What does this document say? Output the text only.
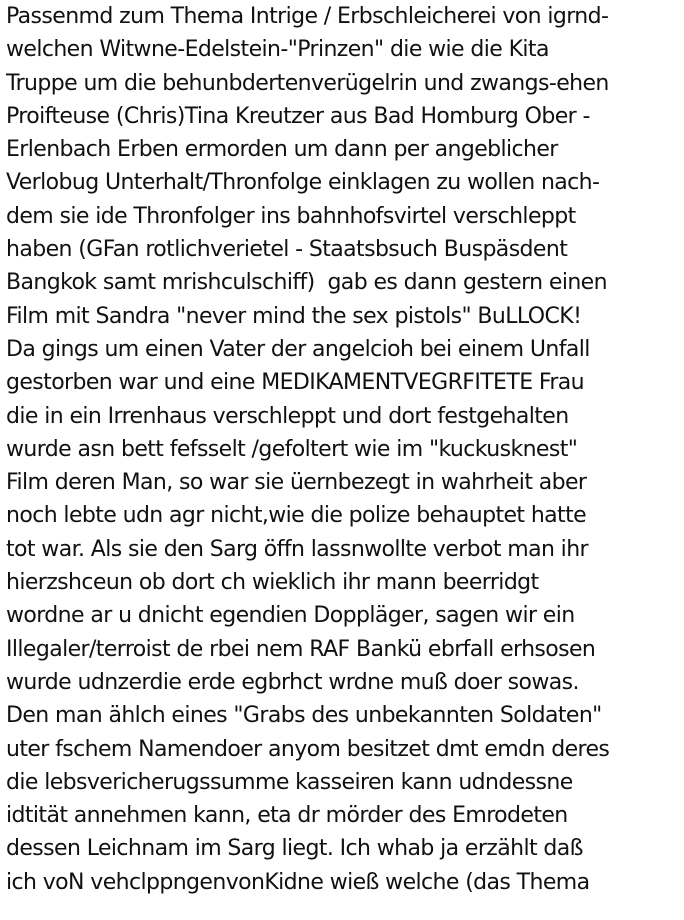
Passenmd zum Thema Intrige / Erbschleicherei von igrnd-
welchen Witwne-Edelstein-"Prinzen" die wie die Kita
Truppe um die behunbdertenverügelrin und zwangs-ehen
Proifteuse (Chris)Tina Kreutzer aus Bad Homburg Ober -
Erlenbach Erben ermorden um dann per angeblicher
Verlobug Unterhalt/Thronfolge einklagen zu wollen nach-
dem sie ide Thronfolger ins bahnhofsvirtel verschleppt
haben (GFan rotlichverietel - Staatsbsuch Buspäsdent
Bangkok samt mrishculschiff)  gab es dann gestern einen
Film mit Sandra "never mind the sex pistols" BuLLOCK!
Da gings um einen Vater der angelcioh bei einem Unfall
gestorben war und eine MEDIKAMENTVEGRFITETE Frau
die in ein Irrenhaus verschleppt und dort festgehalten
wurde asn bett fefsselt /gefoltert wie im "kuckusknest"
Film deren Man, so war sie üernbezegt in wahrheit aber
noch lebte udn agr nicht,wie die polize behauptet hatte
tot war. Als sie den Sarg öffn lassnwollte verbot man ihr
hierzshceun ob dort ch wieklich ihr mann beerridgt
wordne ar u dnicht egendien Doppläger, sagen wir ein
Illegaler/terroist de rbei nem RAF Bankü ebrfall erhsosen
wurde udnzerdie erde egbrhct wrdne muß doer sowas.
Den man ählch eines "Grabs des unbekannten Soldaten"
uter fschem Namendoer anyom besitzet dmt emdn deres
die lebsvericherugssumme kasseiren kann udndessne
idtität annehmen kann, eta dr mörder des Emrodeten
dessen Leichnam im Sarg liegt. Ich whab ja erzählt daß
ich voN vehclppngenvonKidne wieß welche (das Thema
